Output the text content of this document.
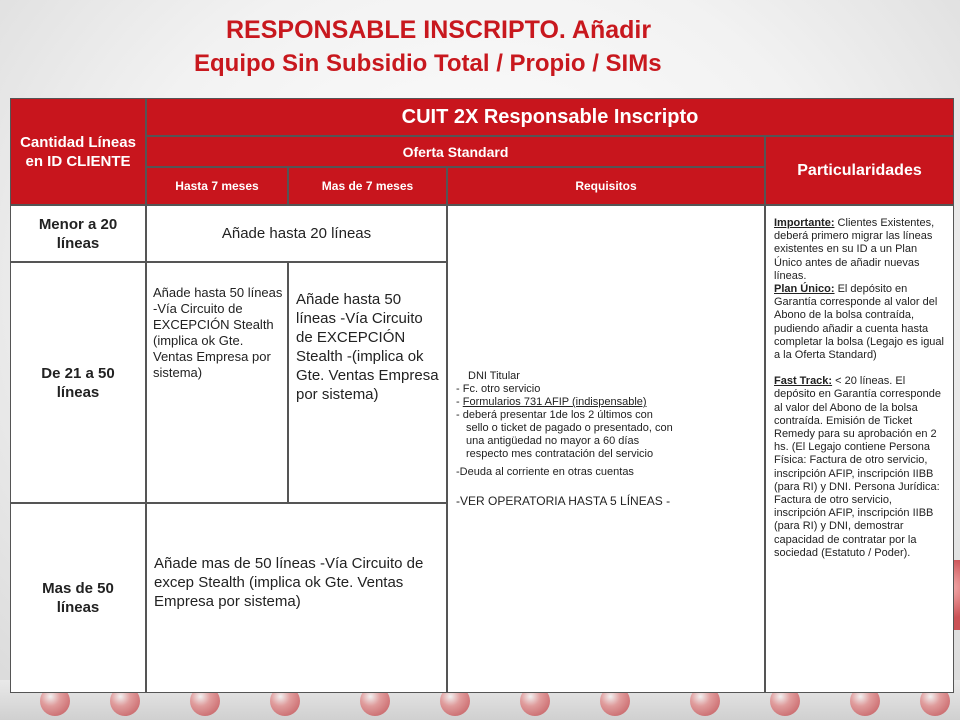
RESPONSABLE INSCRIPTO. Añadir
Equipo Sin Subsidio Total / Propio / SIMs
Cantidad Líneas en ID CLIENTE
CUIT 2X Responsable Inscripto
Oferta Standard
Particularidades
Hasta 7 meses	Mas de 7 meses	Requisitos
Menor a 20 líneas
De 21 a 50 líneas
Mas de 50 líneas
Añade hasta 20 líneas
Añade hasta 50 líneas -Vía Circuito de EXCEPCIÓN Stealth (implica ok Gte. Ventas Empresa por sistema)
Añade hasta 50 líneas -Vía Circuito de EXCEPCIÓN Stealth -(implica ok Gte. Ventas Empresa por sistema)
Añade mas de 50 líneas -Vía Circuito de excep Stealth (implica ok Gte. Ventas Empresa por sistema)
DNI Titular
- Fc. otro servicio
- Formularios 731 AFIP (indispensable)
- deberá presentar 1de los 2 últimos con
sello o ticket de pagado o presentado, con
una antigüedad no mayor a 60 días
respecto mes contratación del servicio
-Deuda al corriente en otras cuentas
-VER OPERATORIA HASTA 5 LÍNEAS -

Importante: Clientes Existentes, deberá primero migrar las líneas existentes en su ID a un Plan Único antes de añadir nuevas líneas.

Plan Único: El depósito en Garantía corresponde al valor del Abono de la bolsa contraída, pudiendo añadir a cuenta hasta completar la bolsa (Legajo es igual a la Oferta Standard)

Fast Track: < 20 líneas. El depósito en Garantía corresponde al valor del Abono de la bolsa contraída. Emisión de Ticket Remedy para su aprobación en 2 hs. (El Legajo contiene Persona Física: Factura de otro servicio, inscripción AFIP, inscripción IIBB (para RI) y DNI. Persona Jurídica: Factura de otro servicio, inscripción AFIP, inscripción IIBB (para RI) y DNI, demostrar capacidad de contratar por la sociedad (Estatuto / Poder).
